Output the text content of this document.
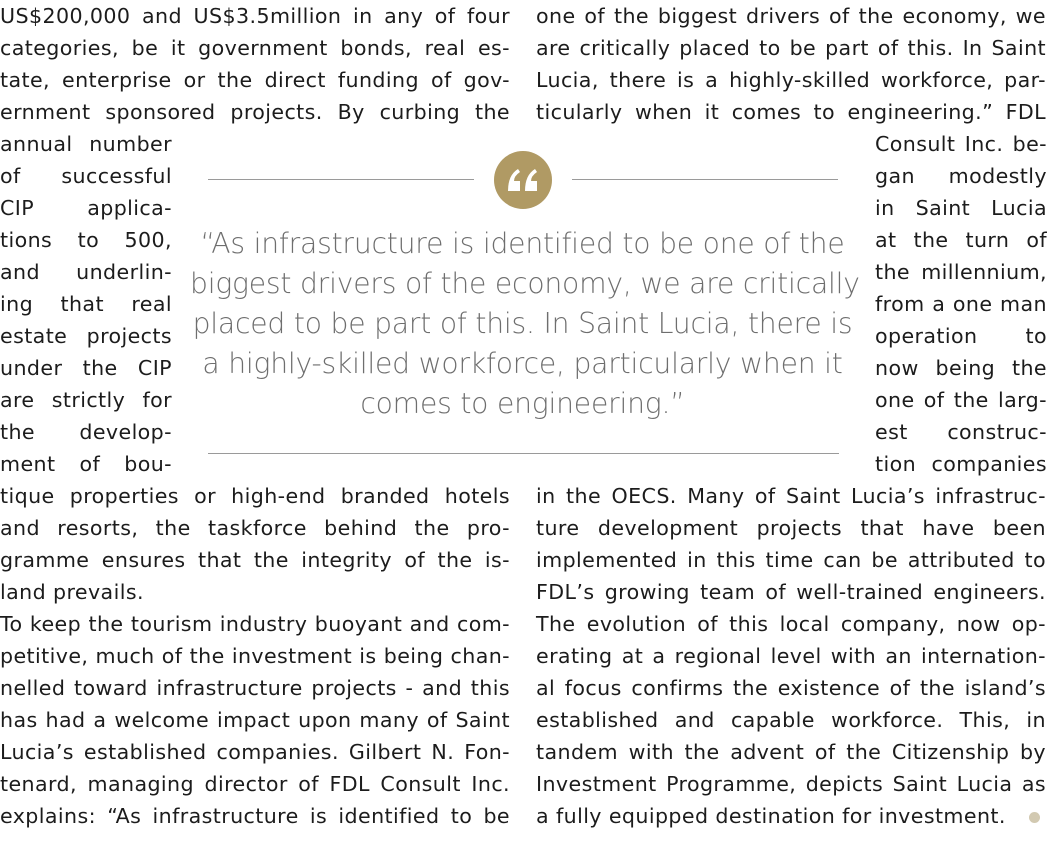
US$200,000 and US$3.5million in any of four
categories, be it government bonds, real es-
tate, enterprise or the direct funding of gov-
ernment sponsored projects. By curbing the
annual number
of successful
CIP applica-
tions to 500,
and underlin-
ing that real
estate projects
under the CIP
are strictly for
the develop-
ment of bou-
tique properties or high-end branded hotels
and resorts, the taskforce behind the pro-
gramme ensures that the integrity of the is-
land prevails.
To keep the tourism industry buoyant and com-
petitive, much of the investment is being chan-
nelled toward infrastructure projects - and this
has had a welcome impact upon many of Saint
Lucia’s established companies. Gilbert N. Fon-
tenard, managing director of FDL Consult Inc.
explains: “As infrastructure is identified to be
one of the biggest drivers of the economy, we
are critically placed to be part of this. In Saint
Lucia, there is a highly-skilled workforce, par-
ticularly when it comes to engineering.” FDL
Consult Inc. be-
gan modestly
in Saint Lucia
at the turn of
the millennium,
from a one man
operation to
now being the
one of the larg-
est construc-
tion companies
in the OECS. Many of Saint Lucia’s infrastruc-
ture development projects that have been
implemented in this time can be attributed to
FDL’s growing team of well-trained engineers.
The evolution of this local company, now op-
erating at a regional level with an internation-
al focus confirms the existence of the island’s
established and capable workforce. This, in
tandem with the advent of the Citizenship by
Investment Programme, depicts Saint Lucia as
a fully equipped destination for investment.
“As infrastructure is identified to be one of the
biggest drivers of the economy, we are critically
placed to be part of this. In Saint Lucia, there is
a highly-skilled workforce, particularly when it
comes to engineering.”
